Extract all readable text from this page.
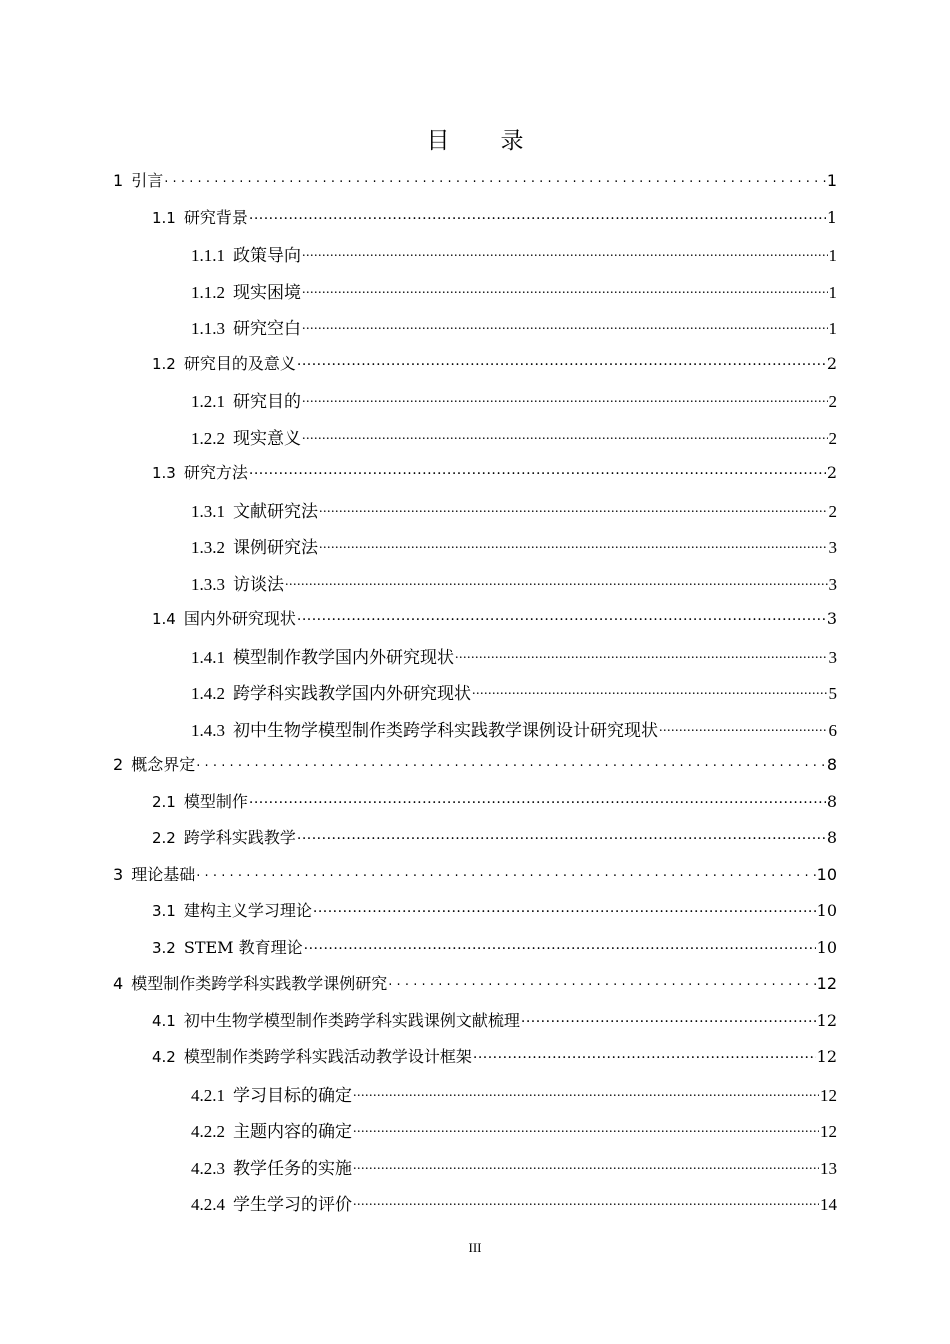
目　录
1 引言 .....	1
1.1 研究背景 .....	1
1.1.1 政策导向 .....	1
1.1.2 现实困境 .....	1
1.1.3 研究空白 .....	1
1.2 研究目的及意义 .....	2
1.2.1 研究目的 .....	2
1.2.2 现实意义 .....	2
1.3 研究方法 .....	2
1.3.1 文献研究法 .....	2
1.3.2 课例研究法 .....	3
1.3.3 访谈法 .....	3
1.4 国内外研究现状 .....	3
1.4.1 模型制作教学国内外研究现状 .....	3
1.4.2 跨学科实践教学国内外研究现状 .....	5
1.4.3 初中生物学模型制作类跨学科实践教学课例设计研究现状 .....	6
2 概念界定 .....	8
2.1 模型制作 .....	8
2.2 跨学科实践教学 .....	8
3 理论基础 .....	10
3.1 建构主义学习理论 .....	10
3.2 STEM 教育理论 .....	10
4 模型制作类跨学科实践教学课例研究 .....	12
4.1 初中生物学模型制作类跨学科实践课例文献梳理 .....	12
4.2 模型制作类跨学科实践活动教学设计框架 .....	12
4.2.1 学习目标的确定 .....	12
4.2.2 主题内容的确定 .....	12
4.2.3 教学任务的实施 .....	13
4.2.4 学生学习的评价 .....	14
III
